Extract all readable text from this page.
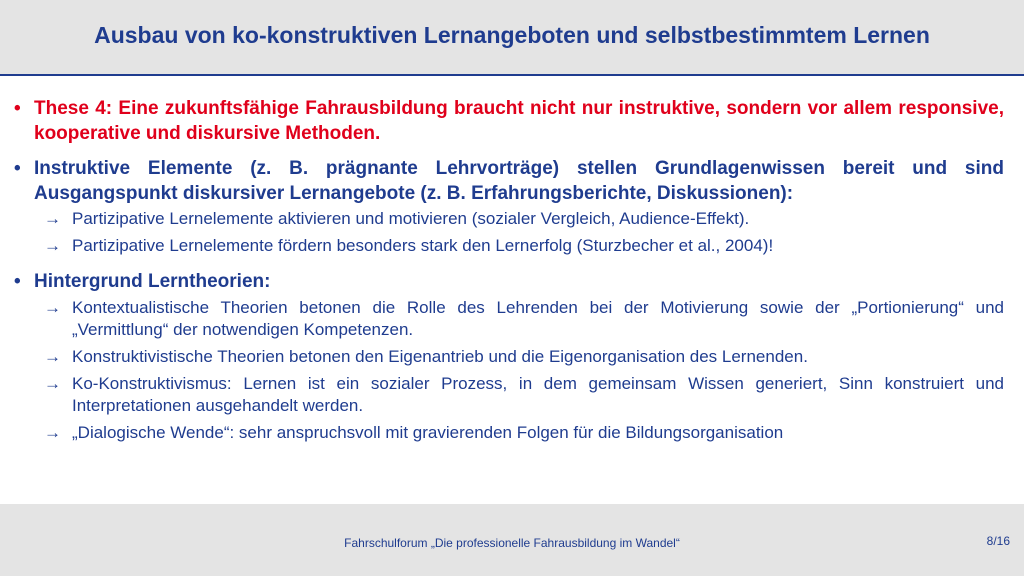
Ausbau von ko-konstruktiven Lernangeboten und selbstbestimmtem Lernen
• These 4: Eine zukunftsfähige Fahrausbildung braucht nicht nur instruktive, sondern vor allem responsive, kooperative und diskursive Methoden.
• Instruktive Elemente (z. B. prägnante Lehrvorträge) stellen Grundlagenwissen bereit und sind Ausgangspunkt diskursiver Lernangebote (z. B. Erfahrungsberichte, Diskussionen):
→ Partizipative Lernelemente aktivieren und motivieren (sozialer Vergleich, Audience-Effekt).
→ Partizipative Lernelemente fördern besonders stark den Lernerfolg (Sturzbecher et al., 2004)!
• Hintergrund Lerntheorien:
→ Kontextualistische Theorien betonen die Rolle des Lehrenden bei der Motivierung sowie der „Portionierung“ und „Vermittlung“ der notwendigen Kompetenzen.
→ Konstruktivistische Theorien betonen den Eigenantrieb und die Eigenorganisation des Lernenden.
→ Ko-Konstruktivismus: Lernen ist ein sozialer Prozess, in dem gemeinsam Wissen generiert, Sinn konstruiert und Interpretationen ausgehandelt werden.
→ „Dialogische Wende“: sehr anspruchsvoll mit gravierenden Folgen für die Bildungsorganisation
Fahrschulforum „Die professionelle Fahrausbildung im Wandel“	8/16
